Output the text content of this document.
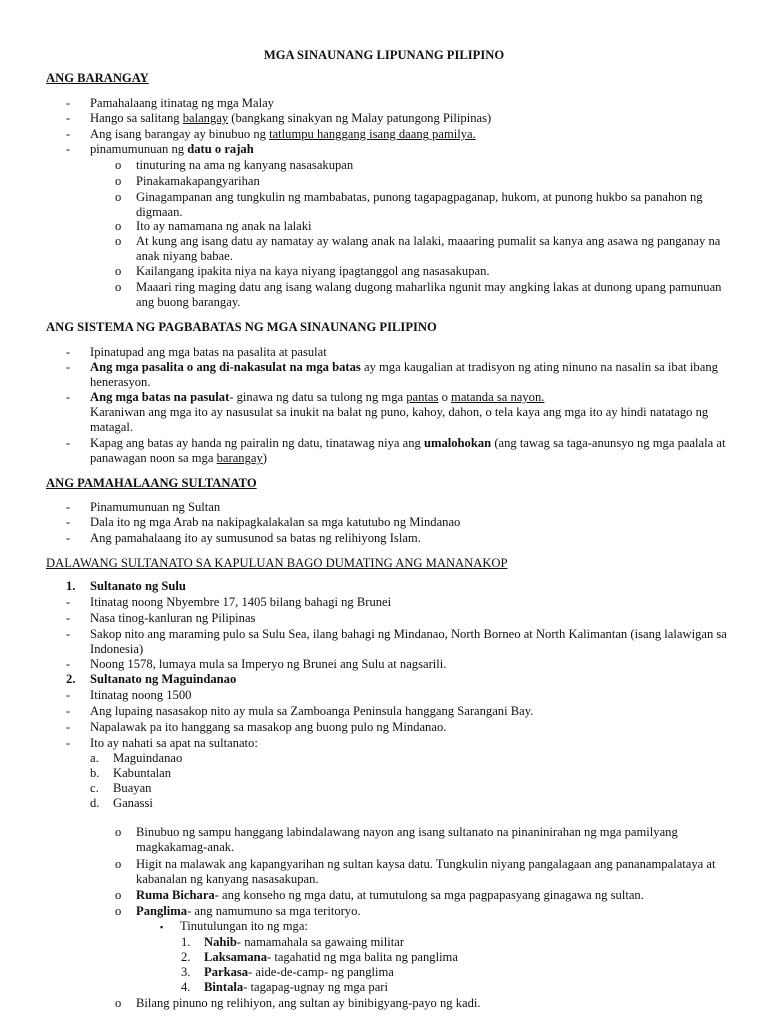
MGA SINAUNANG LIPUNANG PILIPINO
ANG BARANGAY
- Pamahalaang itinatag ng mga Malay
- Hango sa salitang balangay (bangkang sinakyan ng Malay patungong Pilipinas)
- Ang isang barangay ay binubuo ng tatlumpu hanggang isang daang pamilya.
- pinamumunuan ng datu o rajah
o tinuturing na ama ng kanyang nasasakupan
o Pinakamakapangyarihan
o Ginagampanan ang tungkulin ng mambabatas, punong tagapagpaganap, hukom, at punong hukbo sa panahon ng digmaan.
o Ito ay namamana ng anak na lalaki
o At kung ang isang datu ay namatay ay walang anak na lalaki, maaaring pumalit sa kanya ang asawa ng panganay na anak niyang babae.
o Kailangang ipakita niya na kaya niyang ipagtanggol ang nasasakupan.
o Maaari ring maging datu ang isang walang dugong maharlika ngunit may angking lakas at dunong upang pamunuan ang buong barangay.
ANG SISTEMA NG PAGBABATAS NG MGA SINAUNANG PILIPINO
- Ipinatupad ang mga batas na pasalita at pasulat
- Ang mga pasalita o ang di-nakasulat na mga batas ay mga kaugalian at tradisyon ng ating ninuno na nasalin sa ibat ibang henerasyon.
- Ang mga batas na pasulat- ginawa ng datu sa tulong ng mga pantas o matanda sa nayon.
Karaniwan ang mga ito ay nasusulat sa inukit na balat ng puno, kahoy, dahon, o tela kaya ang mga ito ay hindi natatago ng matagal.
- Kapag ang batas ay handa ng pairalin ng datu, tinatawag niya ang umalohokan (ang tawag sa taga-anunsyo ng mga paalala at panawagan noon sa mga barangay)
ANG PAMAHALAANG SULTANATO
- Pinamumunuan ng Sultan
- Dala ito ng mga Arab na nakipagkalakalan sa mga katutubo ng Mindanao
- Ang pamahalaang ito ay sumusunod sa batas ng relihiyong Islam.
DALAWANG SULTANATO SA KAPULUAN BAGO DUMATING ANG MANANAKOP
1. Sultanato ng Sulu
- Itinatag noong Nbyembre 17, 1405 bilang bahagi ng Brunei
- Nasa tinog-kanluran ng Pilipinas
- Sakop nito ang maraming pulo sa Sulu Sea, ilang bahagi ng Mindanao, North Borneo at North Kalimantan (isang lalawigan sa Indonesia)
- Noong 1578, lumaya mula sa Imperyo ng Brunei ang Sulu at nagsarili.
2. Sultanato ng Maguindanao
- Itinatag noong 1500
- Ang lupaing nasasakop nito ay mula sa Zamboanga Peninsula hanggang Sarangani Bay.
- Napalawak pa ito hanggang sa masakop ang buong pulo ng Mindanao.
- Ito ay nahati sa apat na sultanato:
a. Maguindanao
b. Kabuntalan
c. Buayan
d. Ganassi
o Binubuo ng sampu hanggang labindalawang nayon ang isang sultanato na pinaninirahan ng mga pamilyang magkakamag-anak.
o Higit na malawak ang kapangyarihan ng sultan kaysa datu. Tungkulin niyang pangalagaan ang pananampalataya at kabanalan ng kanyang nasasakupan.
o Ruma Bichara- ang konseho ng mga datu, at tumutulong sa mga pagpapasyang ginagawa ng sultan.
o Panglima- ang namumuno sa mga teritoryo.
▪ Tinutulungan ito ng mga:
1. Nahib- namamahala sa gawaing militar
2. Laksamana- tagahatid ng mga balita ng panglima
3. Parkasa- aide-de-camp- ng panglima
4. Bintala- tagapag-ugnay ng mga pari
o Bilang pinuno ng relihiyon, ang sultan ay binibigyang-payo ng kadi.
